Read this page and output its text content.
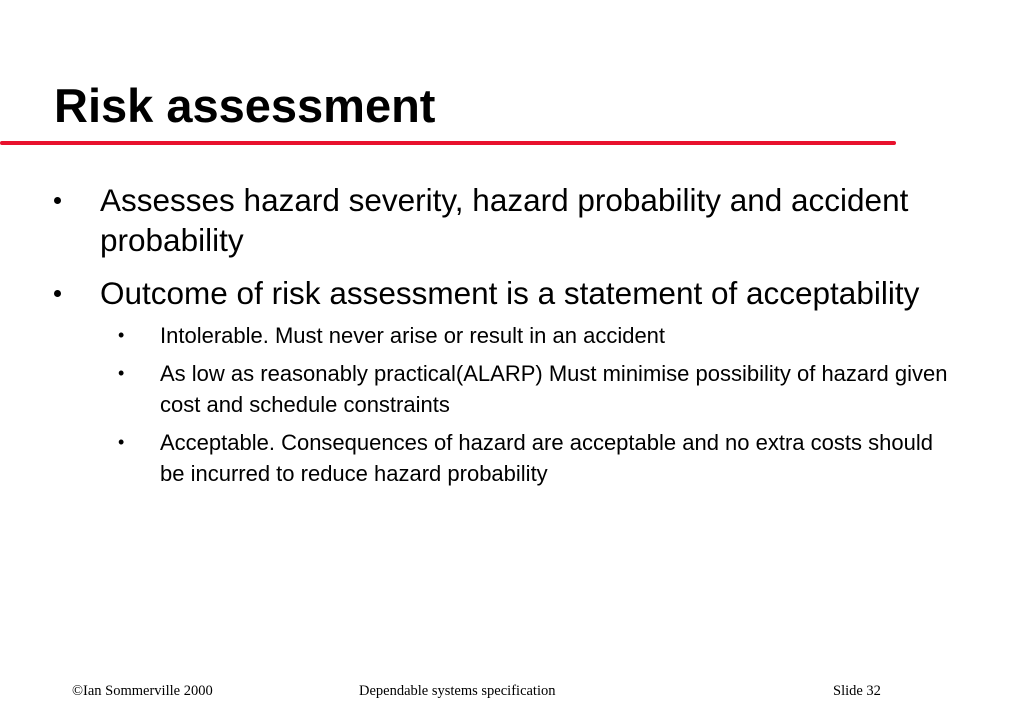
Risk assessment
Assesses hazard severity, hazard probability and accident probability
Outcome of risk assessment is a statement of acceptability
• Intolerable. Must never arise or result in an accident
• As low as reasonably practical(ALARP) Must minimise possibility of hazard given cost and schedule constraints
• Acceptable. Consequences of hazard are acceptable and no extra costs should be incurred to reduce hazard probability
©Ian Sommerville 2000	Dependable systems specification	Slide 32
